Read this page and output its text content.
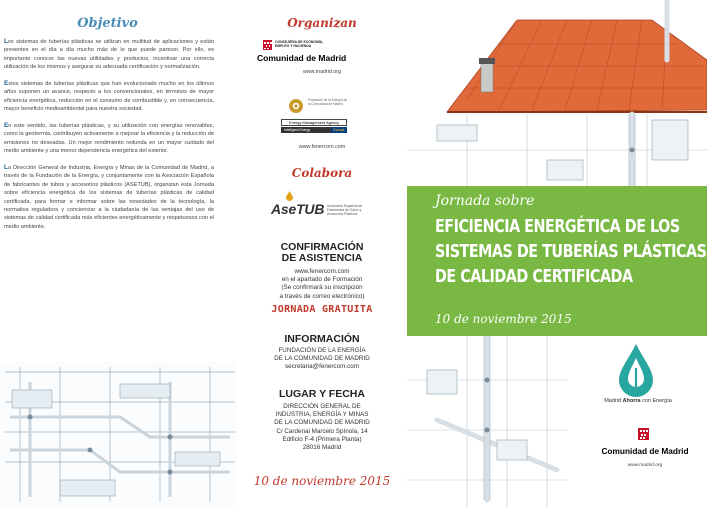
Objetivo

Los sistemas de tuberías plásticas se utilizan en multitud de aplicaciones y están presentes en el día a día mucho más de lo que puede parecer. Por ello, es importante conocer las nuevas utilidades y productos, incentivar una correcta utilización de los mismos y asegurar su adecuada certificación y normalización.

Estos sistemas de tuberías plásticas que han evolucionado mucho en los últimos años suponen un avance, respecto a los convencionales, en términos de mayor eficiencia energética, reducción en el consumo de combustible y, en consecuencia, mayor beneficio medioambiental para nuestra sociedad.

En este sentido, las tuberías plásticas, y su utilización con energías renovables, como la geotermia, contribuyen activamente a mejorar la eficiencia y la reducción de emisiones no deseadas. Un mejor rendimiento redunda en un mayor cuidado del medio ambiente y una menor dependencia energética del exterior.

La Dirección General de Industria, Energía y Minas de la Comunidad de Madrid, a través de la Fundación de la Energía, y conjuntamente con la Asociación Española de fabricantes de tubos y accesorios plásticos (ASETUB), organizan esta Jornada sobre eficiencia energética de los sistemas de tuberías plásticas de calidad certificada, para formar e informar sobre las novedades de la tecnología, la normativa reguladora y concienciar a la ciudadanía de las ventajas del uso de sistemas de calidad certificada más eficientes energéticamente y respetuosos con el medio ambiente.

Organizan
CONSEJERÍA DE ECONOMÍA, EMPLEO Y HACIENDA
Comunidad de Madrid
www.madrid.org
Fundación de la Energía de la Comunidad de Madrid
Energy Management Agency
Intelligent Energy	Europe
www.fenercom.com
Colabora
AseTUB Asociación Española de Fabricantes de Tubos y Accesorios Plásticos
CONFIRMACIÓN
DE ASISTENCIA
www.fenercom.com
en el apartado de Formación
(Se confirmará su inscripción
a través de correo electrónico)
JORNADA GRATUITA
INFORMACIÓN
FUNDACIÓN DE LA ENERGÍA
DE LA COMUNIDAD DE MADRID
secretaria@fenercom.com
LUGAR Y FECHA
DIRECCIÓN GENERAL DE
INDUSTRIA, ENERGÍA Y MINAS
DE LA COMUNIDAD DE MADRID
C/ Cardenal Marcelo Spínola, 14
Edificio F-4 (Primera Planta)
28016 Madrid
10 de noviembre 2015
Jornada sobre
EFICIENCIA ENERGÉTICA DE LOS
SISTEMAS DE TUBERÍAS PLÁSTICAS
DE CALIDAD CERTIFICADA
10 de noviembre 2015
Madrid Ahorra con Energía
Comunidad de Madrid
www.madrid.org
